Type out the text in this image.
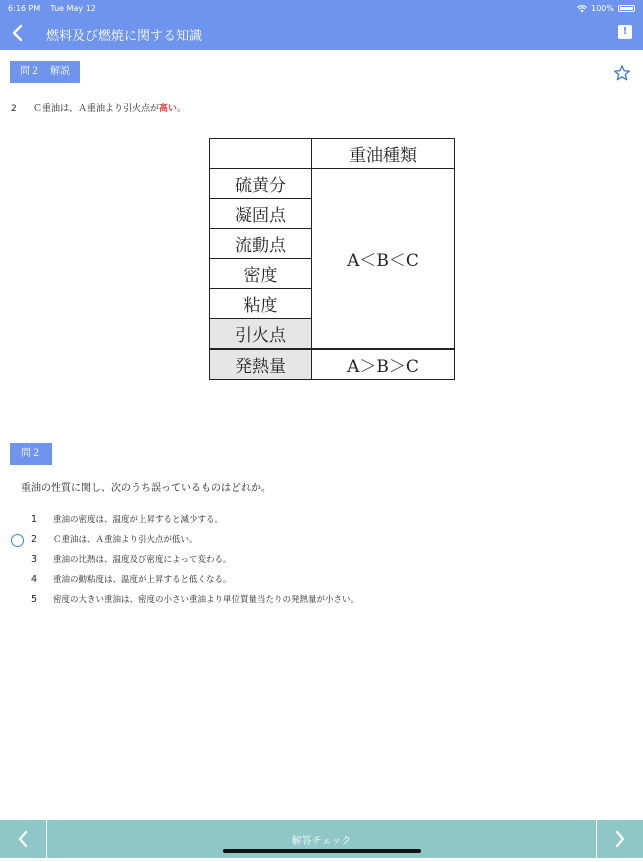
6:16 PM Tue May 12	100%
燃料及び燃焼に関する知識	!
問２　解説
2 Ｃ重油は、Ａ重油より引火点が高い。
	重油種類
硫黄分	A＜B＜C
凝固点	
流動点	
密度	
粘度	
引火点	
発熱量	A＞B＞C
問２
重油の性質に関し、次のうち誤っているものはどれか。
1 重油の密度は、温度が上昇すると減少する。
2 Ｃ重油は、Ａ重油より引火点が低い。
3 重油の比熱は、温度及び密度によって変わる。
4 重油の動粘度は、温度が上昇すると低くなる。
5 密度の大きい重油は、密度の小さい重油より単位質量当たりの発熱量が小さい。
解答チェック
